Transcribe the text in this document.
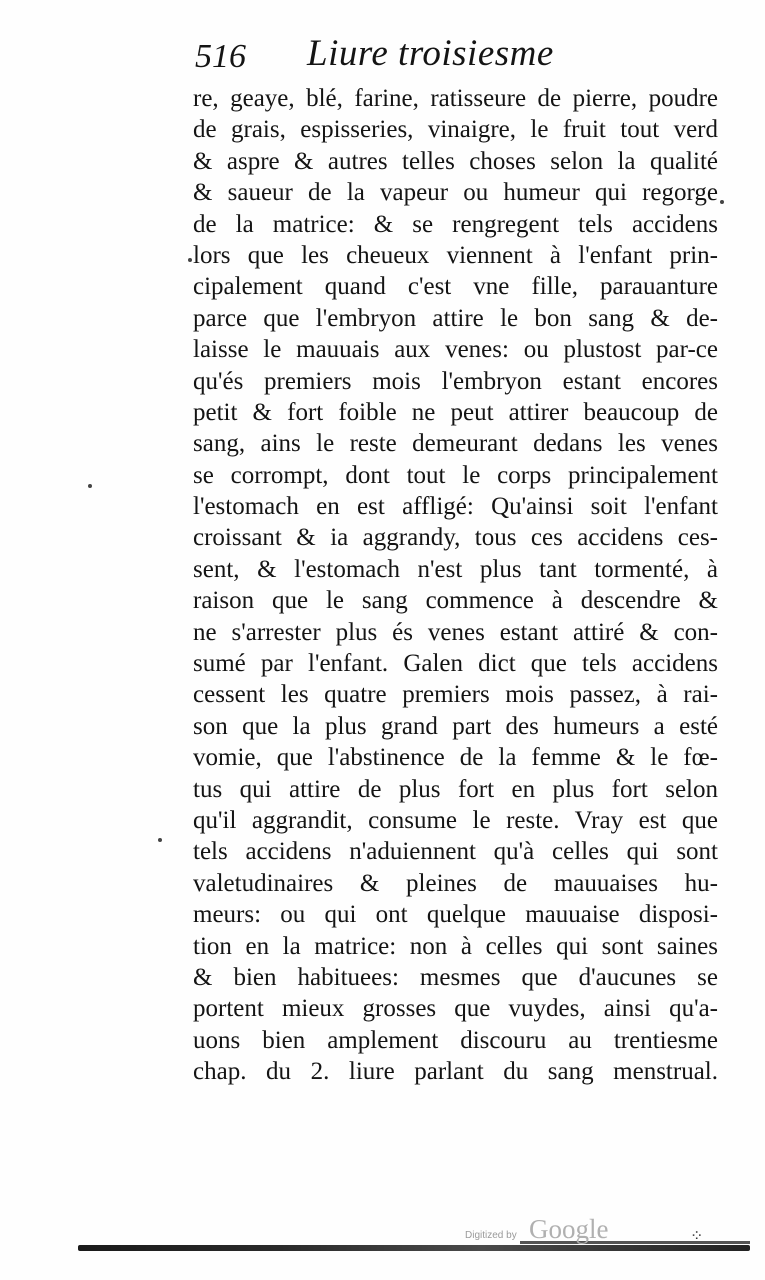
516 Liure troisiesme
re, geaye, blé, farine, ratisseure de pierre, poudre
de grais, espisseries, vinaigre, le fruit tout verd
& aspre & autres telles choses selon la qualité
& saueur de la vapeur ou humeur qui regorge
de la matrice: & se rengregent tels accidens
lors que les cheueux viennent à l'enfant prin-
cipalement quand c'est vne fille, parauanture
parce que l'embryon attire le bon sang & de-
laisse le mauuais aux venes: ou plustost par-ce
qu'és premiers mois l'embryon estant encores
petit & fort foible ne peut attirer beaucoup de
sang, ains le reste demeurant dedans les venes
se corrompt, dont tout le corps principalement
l'estomach en est affligé: Qu'ainsi soit l'enfant
croissant & ia aggrandy, tous ces accidens ces-
sent, & l'estomach n'est plus tant tormenté, à
raison que le sang commence à descendre &
ne s'arrester plus és venes estant attiré & con-
sumé par l'enfant. Galen dict que tels accidens
cessent les quatre premiers mois passez, à rai-
son que la plus grand part des humeurs a esté
vomie, que l'abstinence de la femme & le fœ-
tus qui attire de plus fort en plus fort selon
qu'il aggrandit, consume le reste. Vray est que
tels accidens n'aduiennent qu'à celles qui sont
valetudinaires & pleines de mauuaises hu-
meurs: ou qui ont quelque mauuaise disposi-
tion en la matrice: non à celles qui sont saines
& bien habituees: mesmes que d'aucunes se
portent mieux grosses que vuydes, ainsi qu'a-
uons bien amplement discouru au trentiesme
chap. du 2. liure parlant du sang menstrual.
Digitized by Google	⁘
